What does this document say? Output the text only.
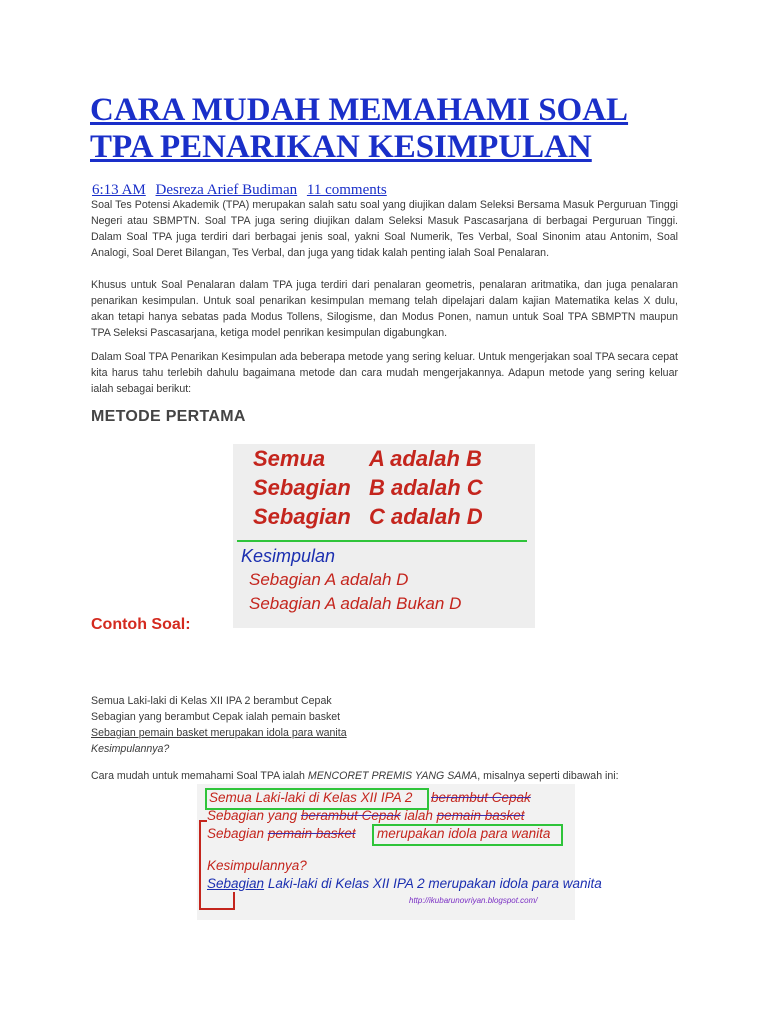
CARA MUDAH MEMAHAMI SOAL TPA PENARIKAN KESIMPULAN
6:13 AM Desreza Arief Budiman 11 comments

Soal Tes Potensi Akademik (TPA) merupakan salah satu soal yang diujikan dalam Seleksi Bersama Masuk Perguruan Tinggi Negeri atau SBMPTN. Soal TPA juga sering diujikan dalam Seleksi Masuk Pascasarjana di berbagai Perguruan Tinggi. Dalam Soal TPA juga terdiri dari berbagai jenis soal, yakni Soal Numerik, Tes Verbal, Soal Sinonim atau Antonim, Soal Analogi, Soal Deret Bilangan, Tes Verbal, dan juga yang tidak kalah penting ialah Soal Penalaran.

Khusus untuk Soal Penalaran dalam TPA juga terdiri dari penalaran geometris, penalaran aritmatika, dan juga penalaran penarikan kesimpulan. Untuk soal penarikan kesimpulan memang telah dipelajari dalam kajian Matematika kelas X dulu, akan tetapi hanya sebatas pada Modus Tollens, Silogisme, dan Modus Ponen, namun untuk Soal TPA SBMPTN maupun TPA Seleksi Pascasarjana, ketiga model penrikan kesimpulan digabungkan.

Dalam Soal TPA Penarikan Kesimpulan ada beberapa metode yang sering keluar. Untuk mengerjakan soal TPA secara cepat kita harus tahu terlebih dahulu bagaimana metode dan cara mudah mengerjakannya. Adapun metode yang sering keluar ialah sebagai berikut:

METODE PERTAMA
Semua A adalah B
Sebagian B adalah C
Sebagian C adalah D
Kesimpulan
Sebagian A adalah D
Sebagian A adalah Bukan D
Contoh Soal:
Semua Laki-laki di Kelas XII IPA 2 berambut Cepak
Sebagian yang berambut Cepak ialah pemain basket
Sebagian pemain basket merupakan idola para wanita
Kesimpulannya?
Cara mudah untuk memahami Soal TPA ialah MENCORET PREMIS YANG SAMA, misalnya seperti dibawah ini:
Semua Laki-laki di Kelas XII IPA 2 berambut Cepak
Sebagian yang berambut Cepak ialah pemain basket
Sebagian pemain basket merupakan idola para wanita
Kesimpulannya?
Sebagian Laki-laki di Kelas XII IPA 2 merupakan idola para wanita
http://ikubarunovriyan.blogspot.com/
